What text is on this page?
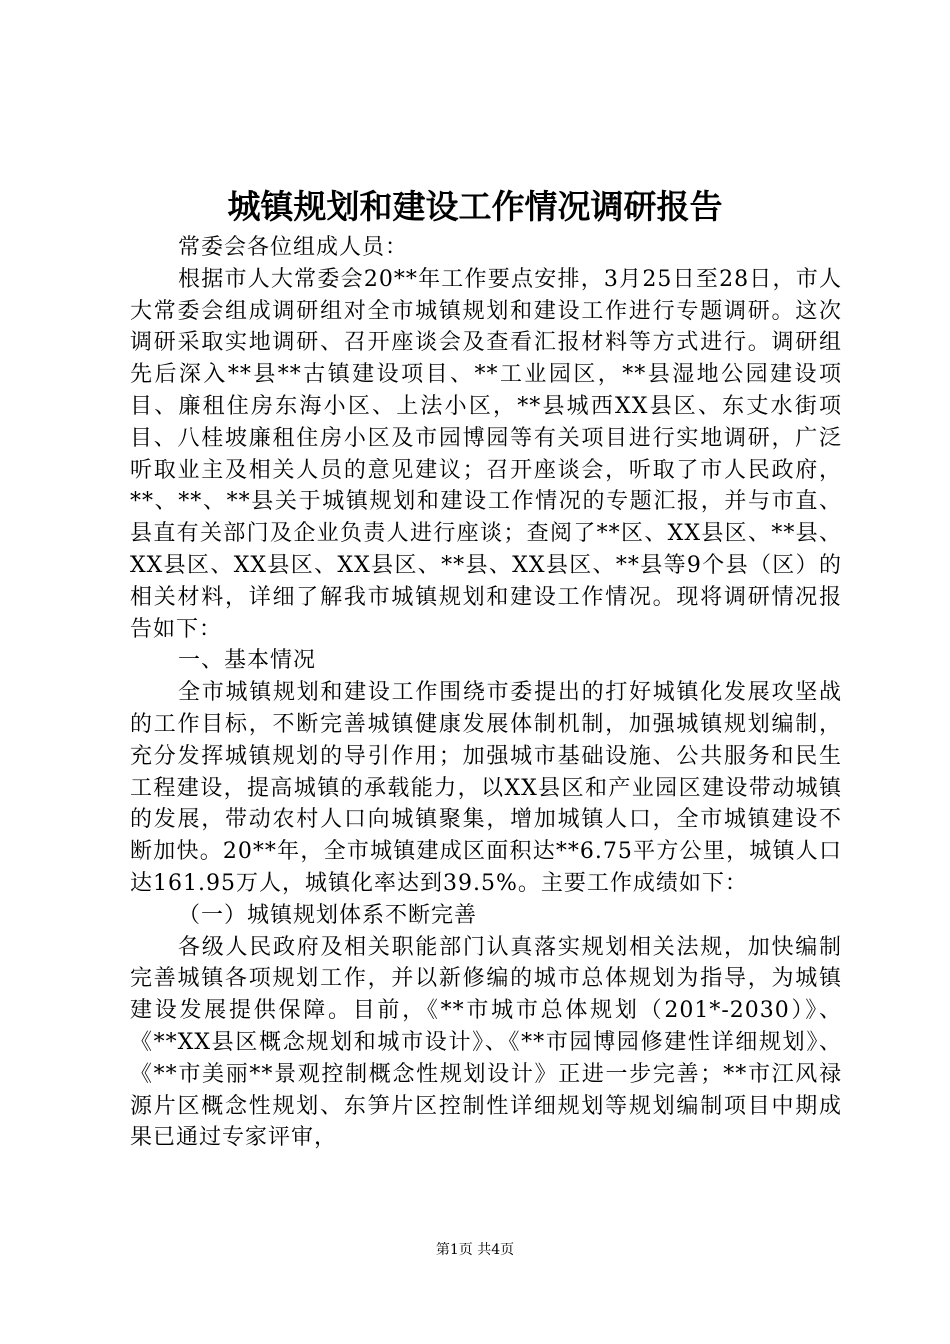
城镇规划和建设工作情况调研报告

常委会各位组成人员：

根据市人大常委会20**年工作要点安排，3月25日至28日，市人大常委会组成调研组对全市城镇规划和建设工作进行专题调研。这次调研采取实地调研、召开座谈会及查看汇报材料等方式进行。调研组先后深入**县**古镇建设项目、**工业园区，**县湿地公园建设项目、廉租住房东海小区、上法小区，**县城西XX县区、东丈水街项目、八桂坡廉租住房小区及市园博园等有关项目进行实地调研，广泛听取业主及相关人员的意见建议；召开座谈会，听取了市人民政府，**、**、**县关于城镇规划和建设工作情况的专题汇报，并与市直、县直有关部门及企业负责人进行座谈；查阅了**区、XX县区、**县、XX县区、XX县区、XX县区、**县、XX县区、**县等9个县（区）的相关材料，详细了解我市城镇规划和建设工作情况。现将调研情况报告如下：

一、基本情况

全市城镇规划和建设工作围绕市委提出的打好城镇化发展攻坚战的工作目标，不断完善城镇健康发展体制机制，加强城镇规划编制，充分发挥城镇规划的导引作用；加强城市基础设施、公共服务和民生工程建设，提高城镇的承载能力，以XX县区和产业园区建设带动城镇的发展，带动农村人口向城镇聚集，增加城镇人口，全市城镇建设不断加快。20**年，全市城镇建成区面积达**6.75平方公里，城镇人口达161.95万人，城镇化率达到39.5%。主要工作成绩如下：

（一）城镇规划体系不断完善

各级人民政府及相关职能部门认真落实规划相关法规，加快编制完善城镇各项规划工作，并以新修编的城市总体规划为指导，为城镇建设发展提供保障。目前，《**市城市总体规划（201*-2030）》、《**XX县区概念规划和城市设计》、《**市园博园修建性详细规划》、《**市美丽**景观控制概念性规划设计》正进一步完善；**市江风禄源片区概念性规划、东笋片区控制性详细规划等规划编制项目中期成果已通过专家评审，

第1页 共4页
